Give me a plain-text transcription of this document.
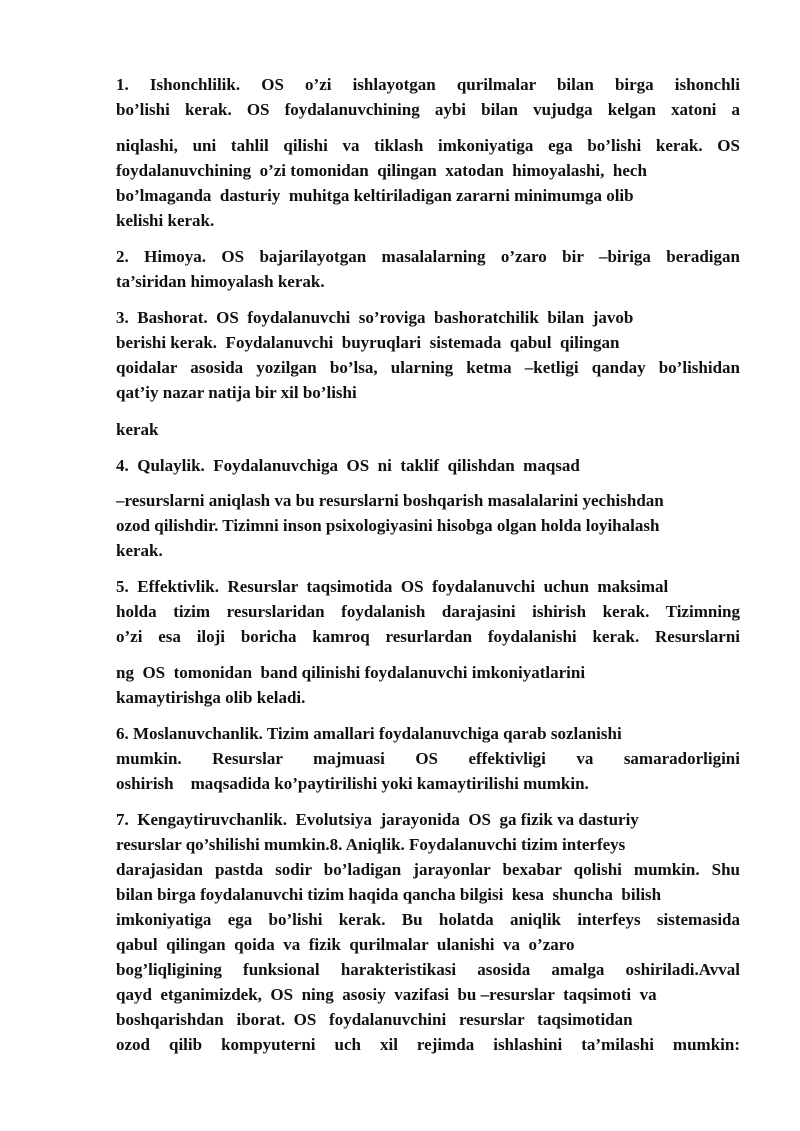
1. Ishonchlilik. OS o’zi ishlayotgan qurilmalar bilan birga ishonchli

bo’lishi kerak. OS foydalanuvchining aybi bilan vujudga kelgan xatoni a

niqlashi, uni tahlil qilishi va tiklash imkoniyatiga ega bo’lishi kerak. OS

foydalanuvchining  o’zi tomonidan  qilingan  xatodan  himoyalashi,  hech

bo’lmaganda  dasturiy  muhitga keltiriladigan zararni minimumga olib

kelishi kerak.

2. Himoya. OS bajarilayotgan masalalarning o’zaro bir –biriga beradigan

ta’siridan himoyalash kerak.

3.  Bashorat.  OS  foydalanuvchi  so’roviga  bashoratchilik  bilan  javob

berishi kerak.  Foydalanuvchi  buyruqlari  sistemada  qabul  qilingan

qoidalar asosida yozilgan bo’lsa, ularning ketma –ketligi qanday bo’lishidan

qat’iy nazar natija bir xil bo’lishi

kerak

4.  Qulaylik.  Foydalanuvchiga  OS  ni  taklif  qilishdan  maqsad

–resurslarni aniqlash va bu resurslarni boshqarish masalalarini yechishdan

ozod qilishdir. Tizimni inson psixologiyasini hisobga olgan holda loyihalash

kerak.

5.  Effektivlik.  Resurslar  taqsimotida  OS  foydalanuvchi  uchun  maksimal

holda tizim resurslaridan foydalanish darajasini ishirish kerak. Tizimning

o’zi esa iloji boricha kamroq resurlardan foydalanishi kerak. Resurslarni

ng  OS  tomonidan  band qilinishi foydalanuvchi imkoniyatlarini

kamaytirishga olib keladi.

6. Moslanuvchanlik. Tizim amallari foydalanuvchiga qarab sozlanishi

mumkin. Resurslar majmuasi OS effektivligi va samaradorligini

oshirish    maqsadida ko’paytirilishi yoki kamaytirilishi mumkin.

7.  Kengaytiruvchanlik.  Evolutsiya  jarayonida  OS  ga fizik va dasturiy

resurslar qo’shilishi mumkin.8. Aniqlik. Foydalanuvchi tizim interfeys

darajasidan pastda sodir bo’ladigan jarayonlar bexabar qolishi mumkin. Shu

bilan birga foydalanuvchi tizim haqida qancha bilgisi  kesa  shuncha  bilish

imkoniyatiga ega bo’lishi kerak. Bu holatda aniqlik interfeys sistemasida

qabul  qilingan  qoida  va  fizik  qurilmalar  ulanishi  va  o’zaro

bog’liqligining funksional harakteristikasi asosida amalga oshiriladi.Avval

qayd  etganimizdek,  OS  ning  asosiy  vazifasi  bu –resurslar  taqsimoti  va

boshqarishdan   iborat.  OS   foydalanuvchini   resurslar   taqsimotidan

ozod qilib kompyuterni uch xil rejimda ishlashini ta’milashi mumkin:
